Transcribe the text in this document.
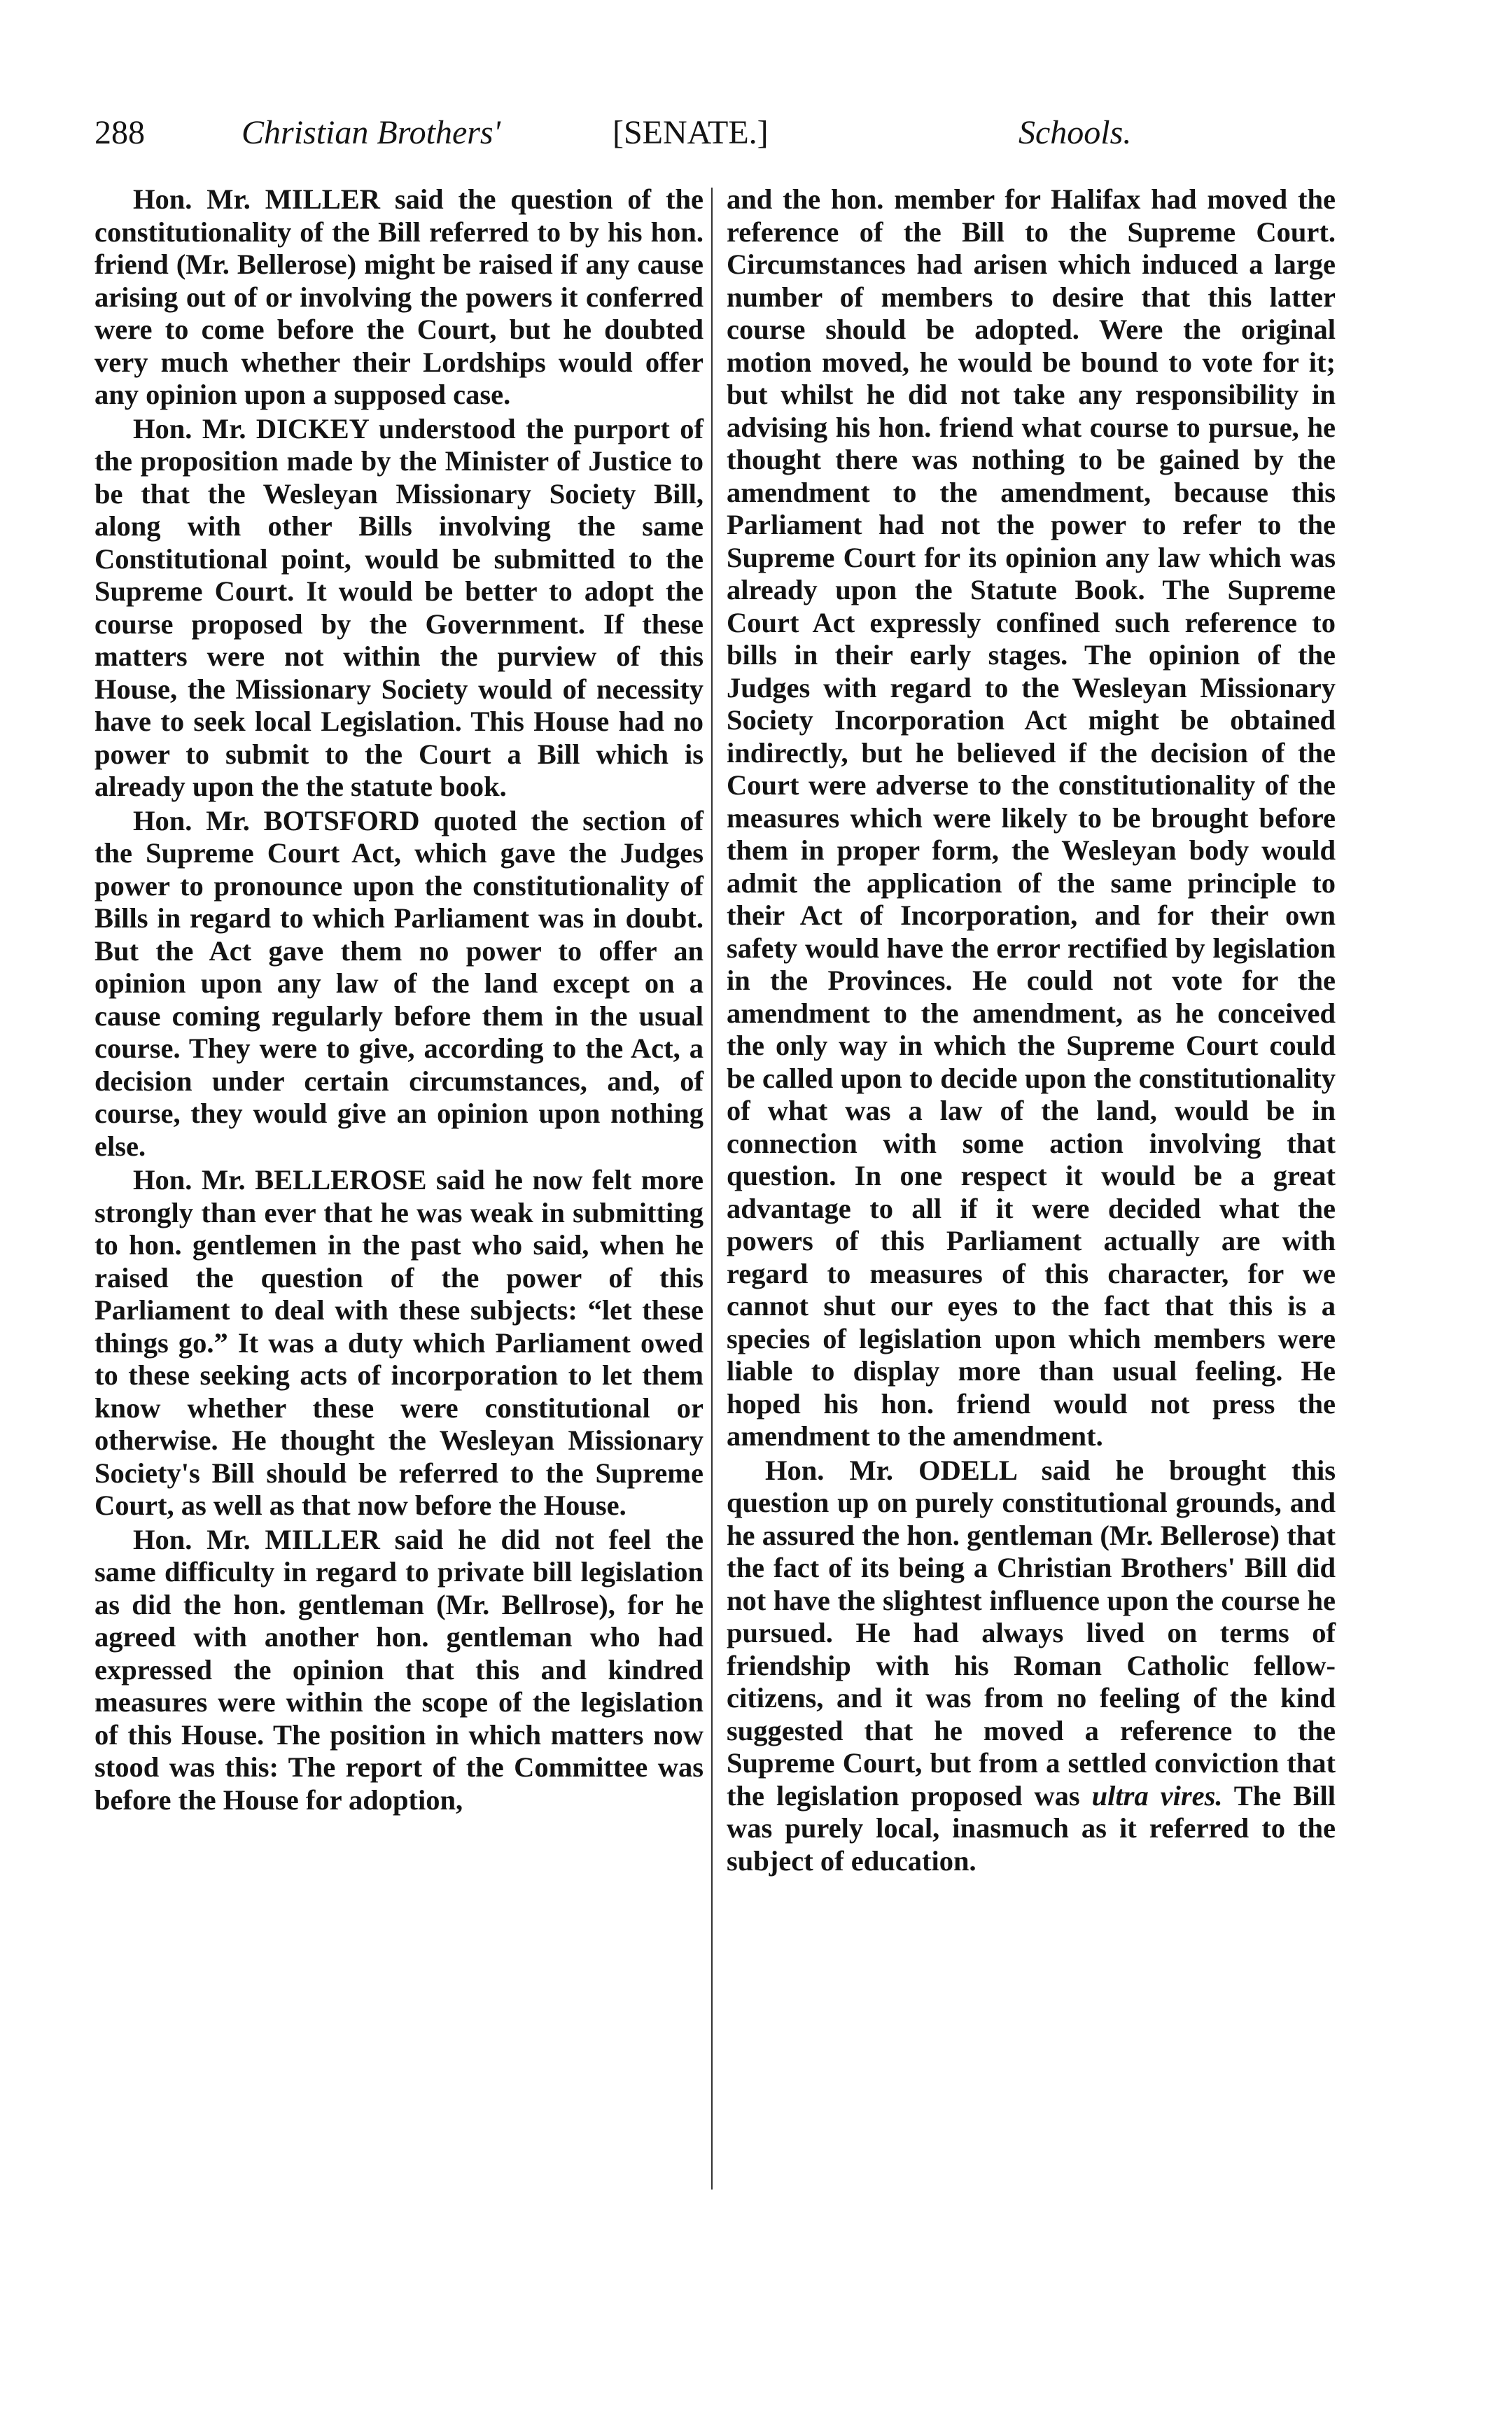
288	Christian Brothers'	[SENATE.]	Schools.

Hon. Mr. MILLER said the question of the constitutionality of the Bill referred to by his hon. friend (Mr. Bellerose) might be raised if any cause arising out of or involving the powers it conferred were to come before the Court, but he doubted very much whether their Lordships would offer any opinion upon a supposed case.

Hon. Mr. DICKEY understood the purport of the proposition made by the Minister of Justice to be that the Wesleyan Missionary Society Bill, along with other Bills involving the same Constitutional point, would be submitted to the Supreme Court. It would be better to adopt the course proposed by the Government. If these matters were not within the purview of this House, the Missionary Society would of necessity have to seek local Legislation. This House had no power to submit to the Court a Bill which is already upon the the statute book.

Hon. Mr. BOTSFORD quoted the section of the Supreme Court Act, which gave the Judges power to pronounce upon the constitutionality of Bills in regard to which Parliament was in doubt. But the Act gave them no power to offer an opinion upon any law of the land except on a cause coming regularly before them in the usual course. They were to give, according to the Act, a decision under certain circumstances, and, of course, they would give an opinion upon nothing else.

Hon. Mr. BELLEROSE said he now felt more strongly than ever that he was weak in submitting to hon. gentlemen in the past who said, when he raised the question of the power of this Parliament to deal with these subjects: “let these things go.” It was a duty which Parliament owed to these seeking acts of incorporation to let them know whether these were constitutional or otherwise. He thought the Wesleyan Missionary Society's Bill should be referred to the Supreme Court, as well as that now before the House.

Hon. Mr. MILLER said he did not feel the same difficulty in regard to private bill legislation as did the hon. gentleman (Mr. Bellrose), for he agreed with another hon. gentleman who had expressed the opinion that this and kindred measures were within the scope of the legislation of this House. The position in which matters now stood was this: The report of the Committee was before the House for adoption,

and the hon. member for Halifax had moved the reference of the Bill to the Supreme Court. Circumstances had arisen which induced a large number of members to desire that this latter course should be adopted. Were the original motion moved, he would be bound to vote for it; but whilst he did not take any responsibility in advising his hon. friend what course to pursue, he thought there was nothing to be gained by the amendment to the amendment, because this Parliament had not the power to refer to the Supreme Court for its opinion any law which was already upon the Statute Book. The Supreme Court Act expressly confined such reference to bills in their early stages. The opinion of the Judges with regard to the Wesleyan Missionary Society Incorporation Act might be obtained indirectly, but he believed if the decision of the Court were adverse to the constitutionality of the measures which were likely to be brought before them in proper form, the Wesleyan body would admit the application of the same principle to their Act of Incorporation, and for their own safety would have the error rectified by legislation in the Provinces. He could not vote for the amendment to the amendment, as he conceived the only way in which the Supreme Court could be called upon to decide upon the constitutionality of what was a law of the land, would be in connection with some action involving that question. In one respect it would be a great advantage to all if it were decided what the powers of this Parliament actually are with regard to measures of this character, for we cannot shut our eyes to the fact that this is a species of legislation upon which members were liable to display more than usual feeling. He hoped his hon. friend would not press the amendment to the amendment.

Hon. Mr. ODELL said he brought this question up on purely constitutional grounds, and he assured the hon. gentleman (Mr. Bellerose) that the fact of its being a Christian Brothers' Bill did not have the slightest influence upon the course he pursued. He had always lived on terms of friendship with his Roman Catholic fellow-citizens, and it was from no feeling of the kind suggested that he moved a reference to the Supreme Court, but from a settled conviction that the legislation proposed was ultra vires. The Bill was purely local, inasmuch as it referred to the subject of education.
